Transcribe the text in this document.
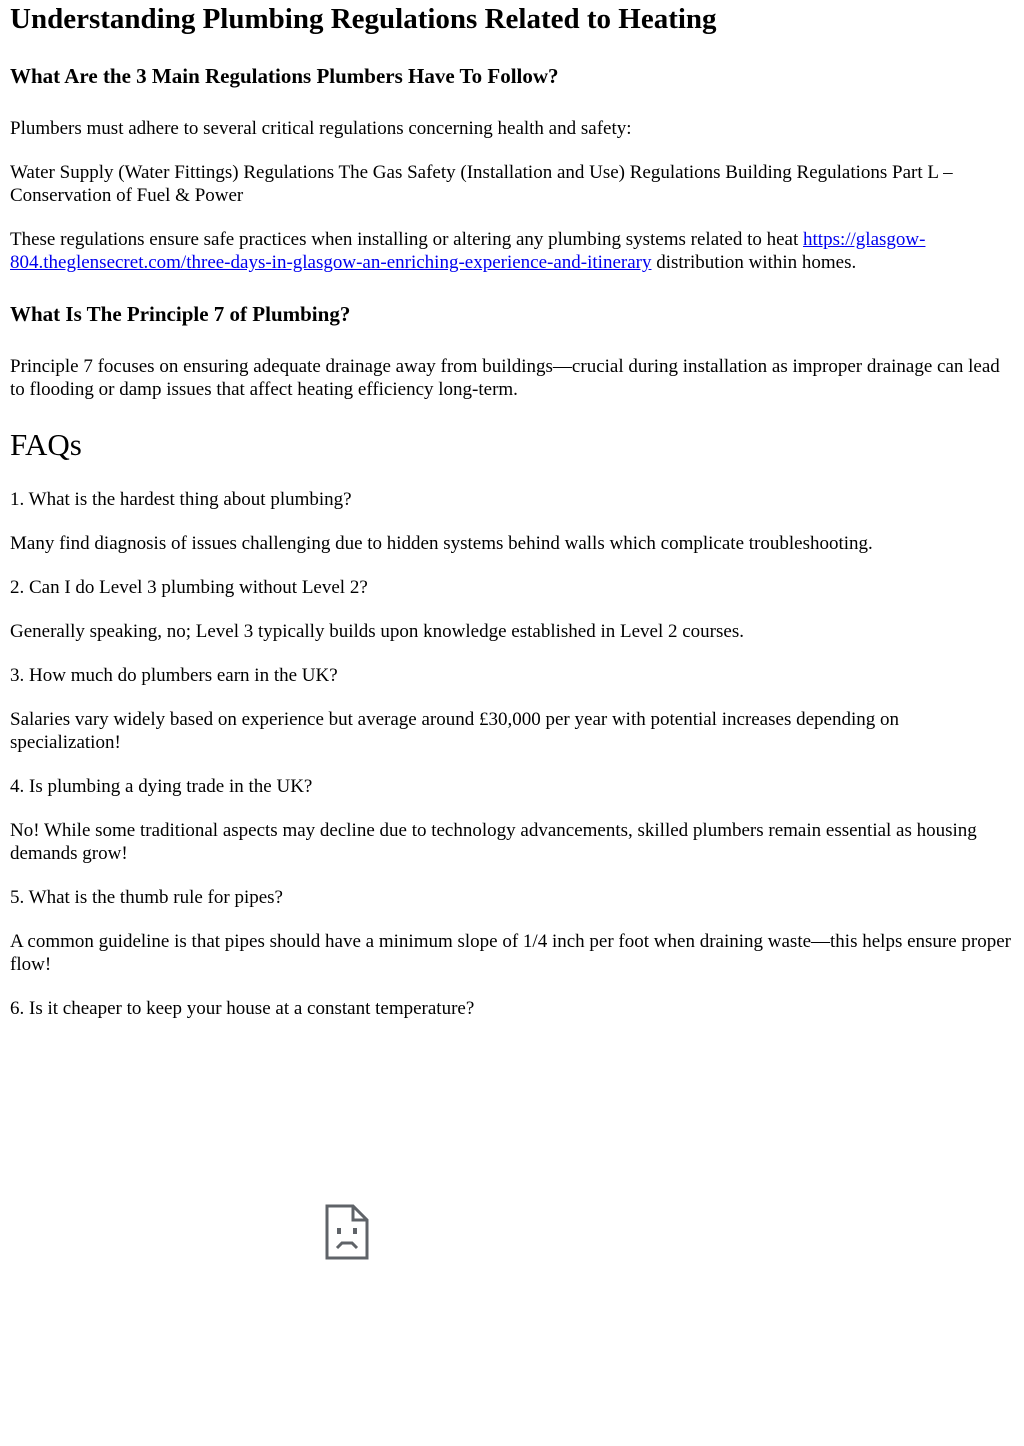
Understanding Plumbing Regulations Related to Heating
What Are the 3 Main Regulations Plumbers Have To Follow?

Plumbers must adhere to several critical regulations concerning health and safety:

Water Supply (Water Fittings) Regulations The Gas Safety (Installation and Use) Regulations Building Regulations Part L – Conservation of Fuel & Power

These regulations ensure safe practices when installing or altering any plumbing systems related to heat https://glasgow-804.theglensecret.com/three-days-in-glasgow-an-enriching-experience-and-itinerary distribution within homes.

What Is The Principle 7 of Plumbing?

Principle 7 focuses on ensuring adequate drainage away from buildings—crucial during installation as improper drainage can lead to flooding or damp issues that affect heating efficiency long-term.

FAQs

1. What is the hardest thing about plumbing?

Many find diagnosis of issues challenging due to hidden systems behind walls which complicate troubleshooting.

2. Can I do Level 3 plumbing without Level 2?

Generally speaking, no; Level 3 typically builds upon knowledge established in Level 2 courses.

3. How much do plumbers earn in the UK?

Salaries vary widely based on experience but average around £30,000 per year with potential increases depending on specialization!

4. Is plumbing a dying trade in the UK?

No! While some traditional aspects may decline due to technology advancements, skilled plumbers remain essential as housing demands grow!

5. What is the thumb rule for pipes?

A common guideline is that pipes should have a minimum slope of 1/4 inch per foot when draining waste—this helps ensure proper flow!

6. Is it cheaper to keep your house at a constant temperature?
